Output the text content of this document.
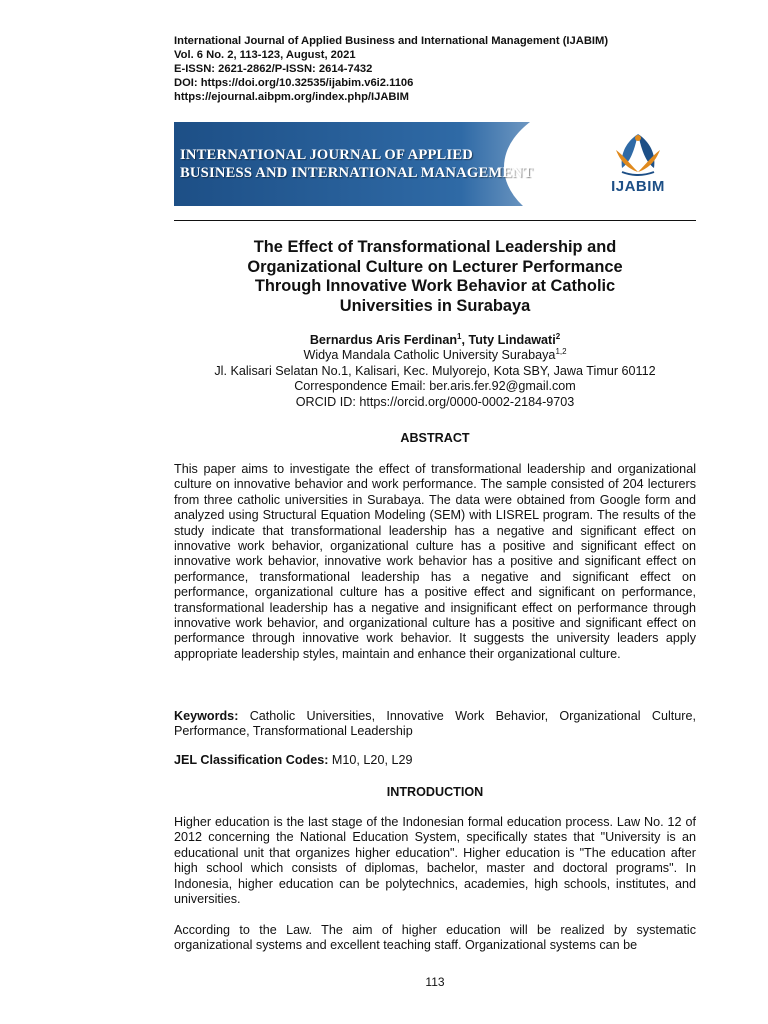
International Journal of Applied Business and International Management (IJABIM)
Vol. 6 No. 2, 113-123, August, 2021
E-ISSN: 2621-2862/P-ISSN: 2614-7432
DOI: https://doi.org/10.32535/ijabim.v6i2.1106
https://ejournal.aibpm.org/index.php/IJABIM
INTERNATIONAL JOURNAL OF APPLIED
BUSINESS AND INTERNATIONAL MANAGEMENT
IJABIM
The Effect of Transformational Leadership and
Organizational Culture on Lecturer Performance
Through Innovative Work Behavior at Catholic
Universities in Surabaya
Bernardus Aris Ferdinan$^1$, Tuty Lindawati$^2$
Widya Mandala Catholic University Surabaya$^{1,2}$
Jl. Kalisari Selatan No.1, Kalisari, Kec. Mulyorejo, Kota SBY, Jawa Timur 60112
Correspondence Email: ber.aris.fer.92@gmail.com
ORCID ID: https://orcid.org/0000-0002-2184-9703
ABSTRACT
This paper aims to investigate the effect of transformational leadership and organizational culture on innovative behavior and work performance. The sample consisted of 204 lecturers from three catholic universities in Surabaya. The data were obtained from Google form and analyzed using Structural Equation Modeling (SEM) with LISREL program. The results of the study indicate that transformational leadership has a negative and significant effect on innovative work behavior, organizational culture has a positive and significant effect on innovative work behavior, innovative work behavior has a positive and significant effect on performance, transformational leadership has a negative and significant effect on performance, organizational culture has a positive effect and significant on performance, transformational leadership has a negative and insignificant effect on performance through innovative work behavior, and organizational culture has a positive and significant effect on performance through innovative work behavior. It suggests the university leaders apply appropriate leadership styles, maintain and enhance their organizational culture.
Keywords: Catholic Universities, Innovative Work Behavior, Organizational Culture, Performance, Transformational Leadership
JEL Classification Codes: M10, L20, L29
INTRODUCTION
Higher education is the last stage of the Indonesian formal education process. Law No. 12 of 2012 concerning the National Education System, specifically states that "University is an educational unit that organizes higher education". Higher education is "The education after high school which consists of diplomas, bachelor, master and doctoral programs". In Indonesia, higher education can be polytechnics, academies, high schools, institutes, and universities.
According to the Law. The aim of higher education will be realized by systematic organizational systems and excellent teaching staff. Organizational systems can be
113
